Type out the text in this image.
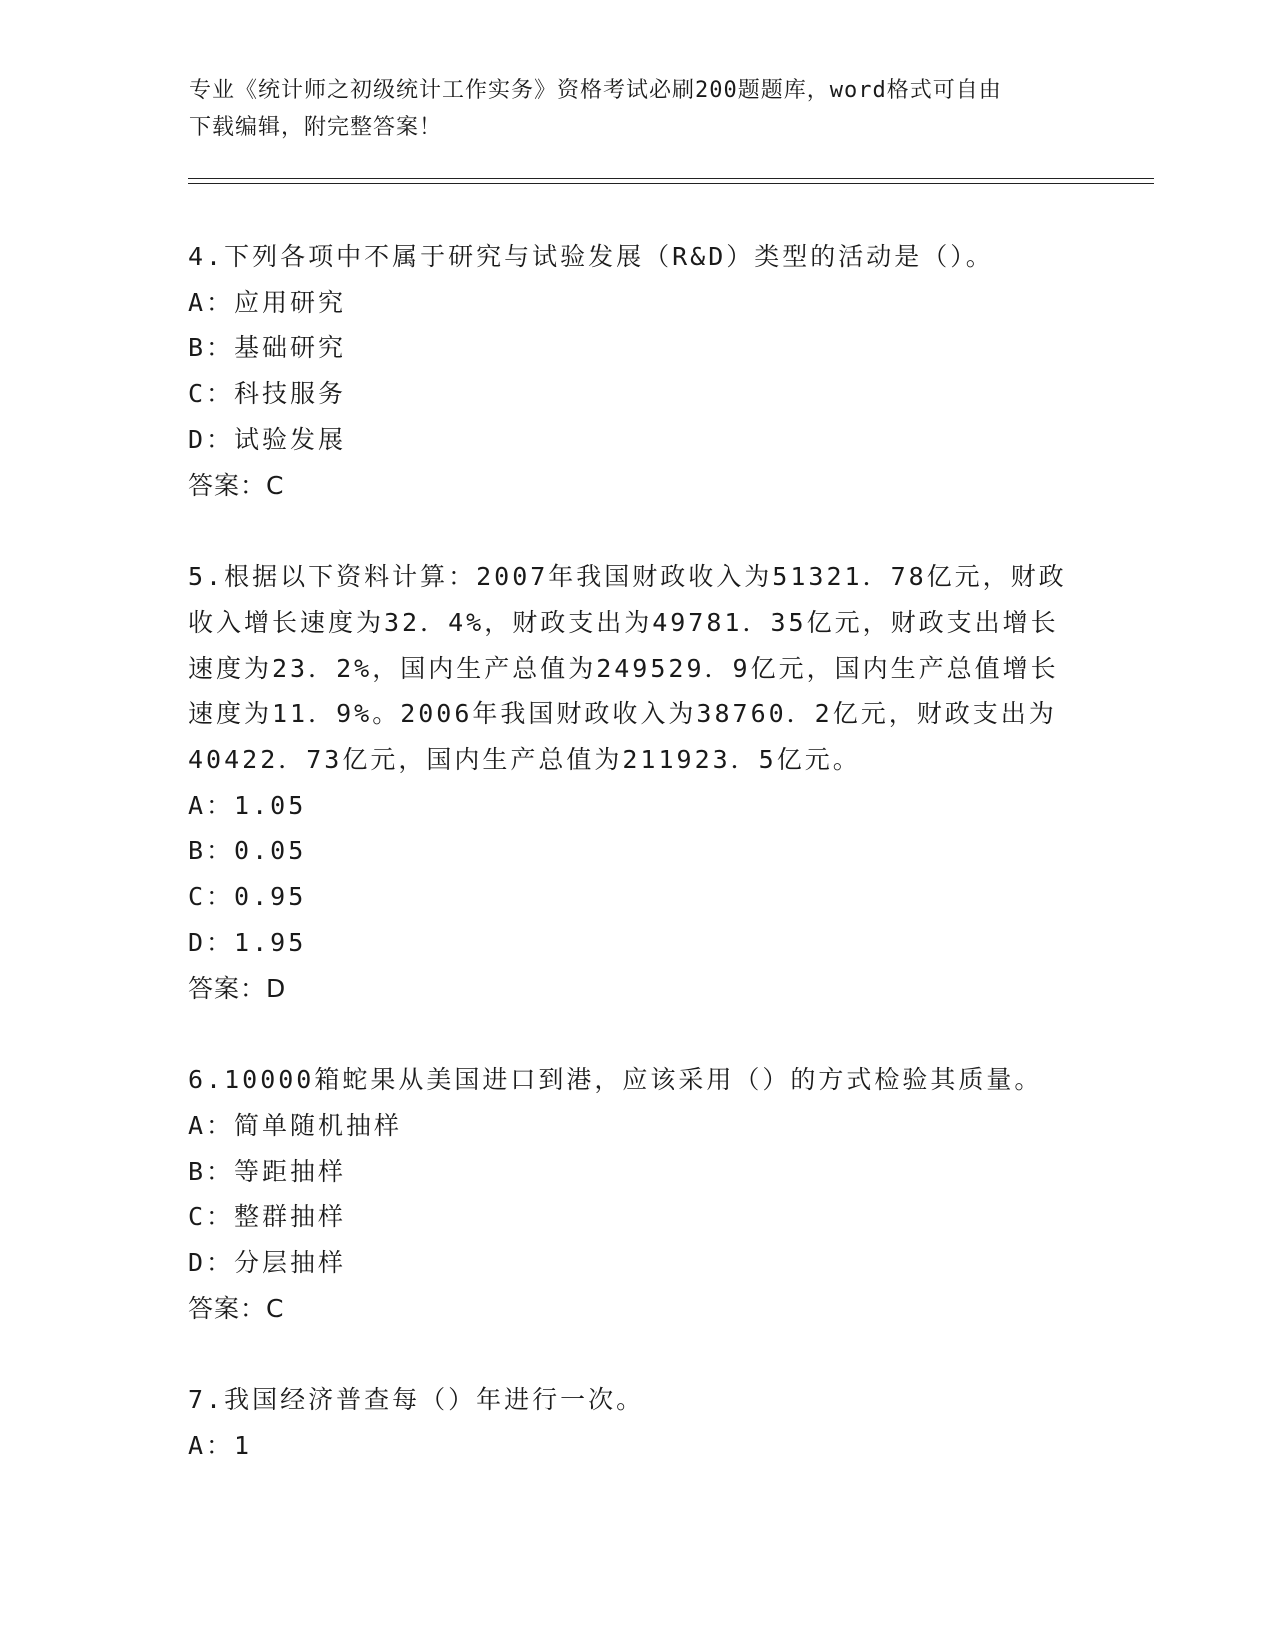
专业《统计师之初级统计工作实务》资格考试必刷200题题库，word格式可自由
下载编辑，附完整答案！
4.下列各项中不属于研究与试验发展（R&D）类型的活动是（）。
A：应用研究
B：基础研究
C：科技服务
D：试验发展
答案：C
5.根据以下资料计算：2007年我国财政收入为51321．78亿元，财政
收入增长速度为32．4%，财政支出为49781．35亿元，财政支出增长
速度为23．2%，国内生产总值为249529．9亿元，国内生产总值增长
速度为11．9%。2006年我国财政收入为38760．2亿元，财政支出为
40422．73亿元，国内生产总值为211923．5亿元。
A：1.05
B：0.05
C：0.95
D：1.95
答案：D
6.10000箱蛇果从美国进口到港，应该采用（）的方式检验其质量。
A：简单随机抽样
B：等距抽样
C：整群抽样
D：分层抽样
答案：C
7.我国经济普查每（）年进行一次。
A：1
